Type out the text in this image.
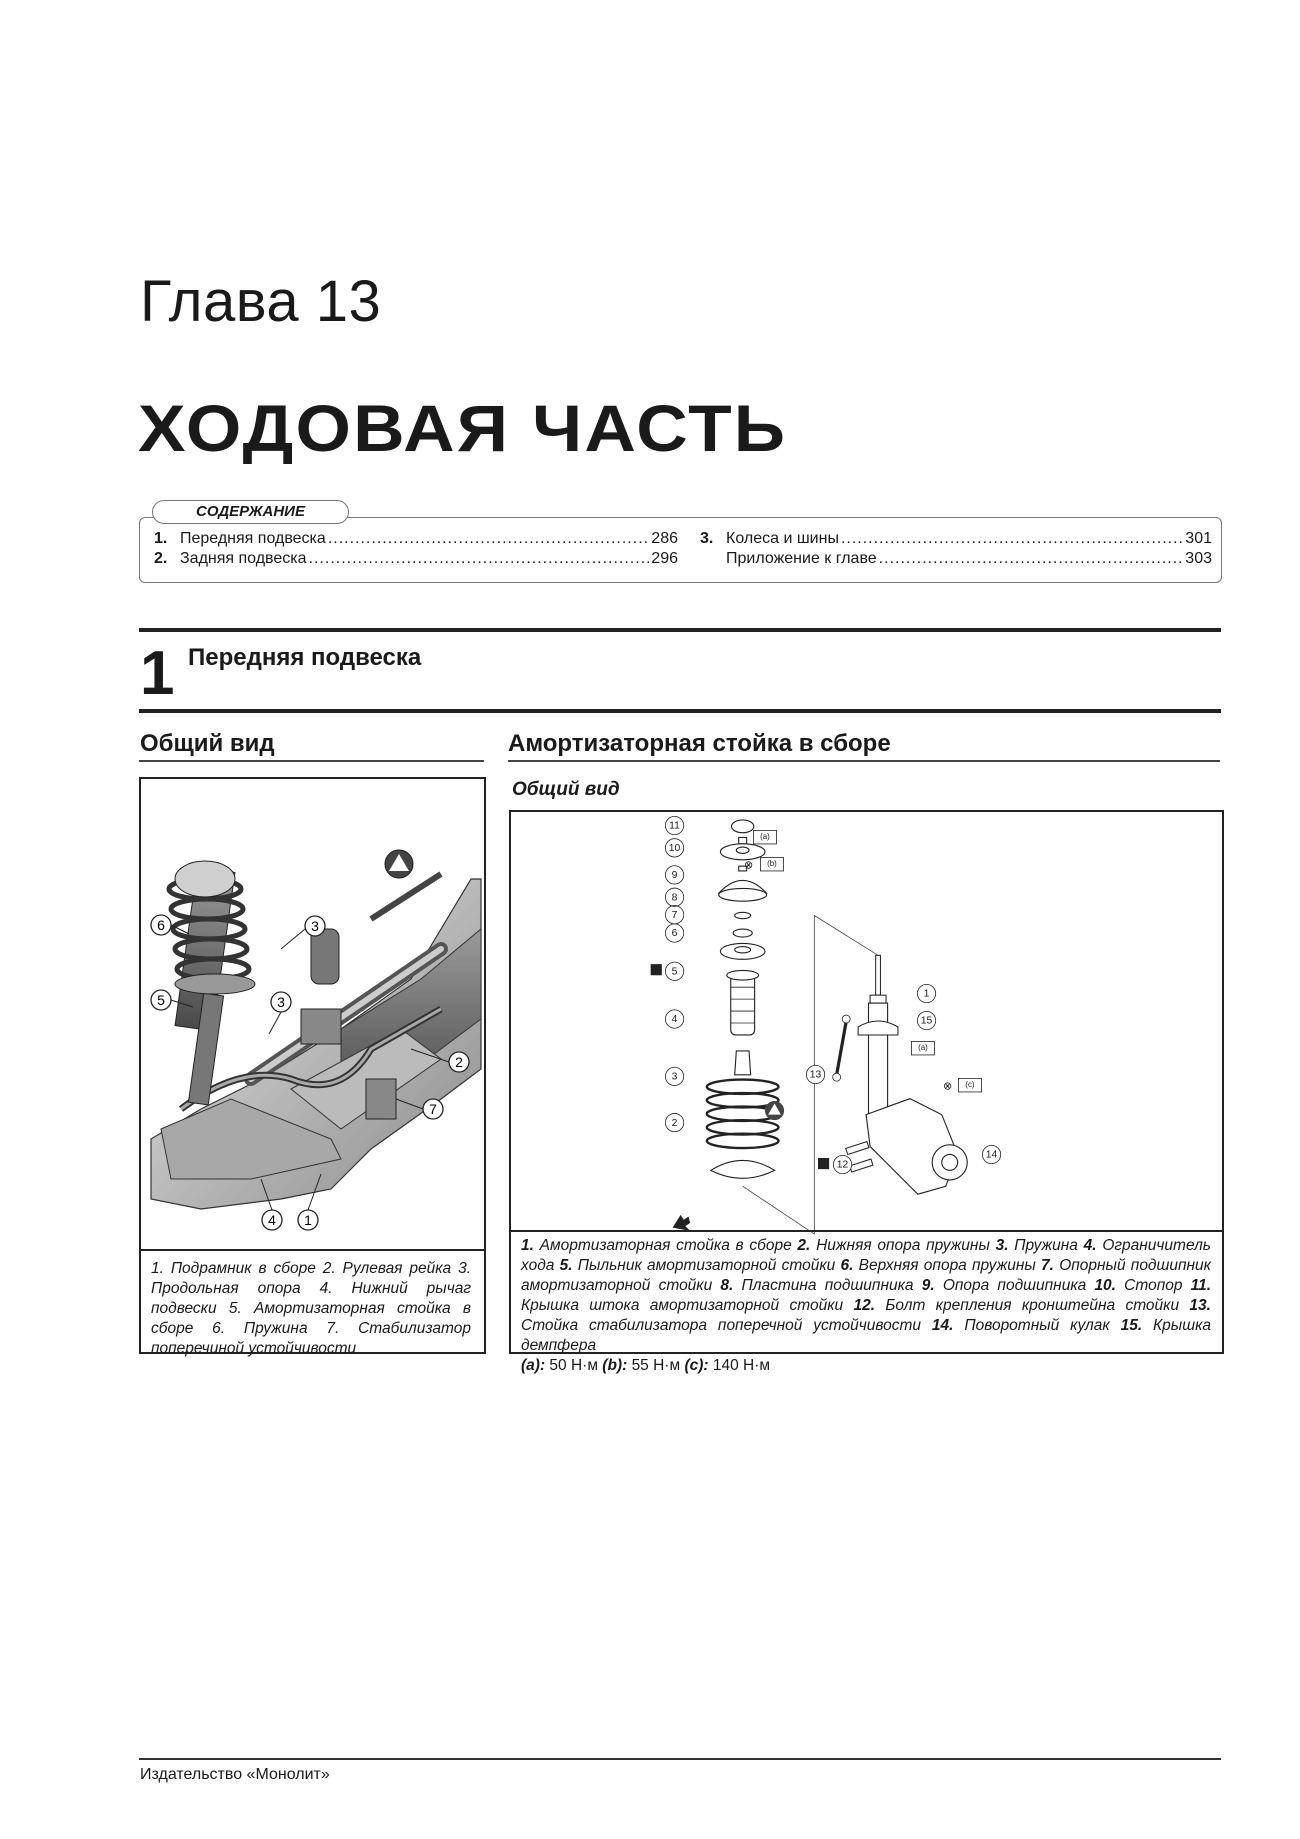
Глава 13
ХОДОВАЯ ЧАСТЬ
1. Передняя подвеска .....	286
2. Задняя подвеска .....	296
3. Колеса и шины .....	301
Приложение к главе .....	303
СОДЕРЖАНИЕ
1 Передняя подвеска
Общий вид
6
5
3
3
2
7
4 1
1. Подрамник в сборе 2. Рулевая рейка 3. Продольная опора 4. Нижний рычаг подвески 5. Амортизаторная стойка в сборе 6. Пружина 7. Стабилизатор поперечиной устойчивости
Амортизаторная стойка в сборе
Общий вид
(a)
(b)
⊗
(a)
(c)
⊗
11
10
9
8
7
6
5
4
3
2
1
15
13
12
14
1. Амортизаторная стойка в сборе 2. Нижняя опора пружины 3. Пружина 4. Ограничитель хода 5. Пыльник амортизаторной стойки 6. Верхняя опора пружины 7. Опорный подшипник амортизаторной стойки 8. Пластина подшипника 9. Опора подшипника 10. Стопор 11. Крышка штока амортизаторной стойки 12. Болт крепления кронштейна стойки 13. Стойка стабилизатора поперечной устойчивости 14. Поворотный кулак 15. Крышка демпфера
(a): 50 Н·м (b): 55 Н·м (c): 140 Н·м
Издательство «Монолит»
